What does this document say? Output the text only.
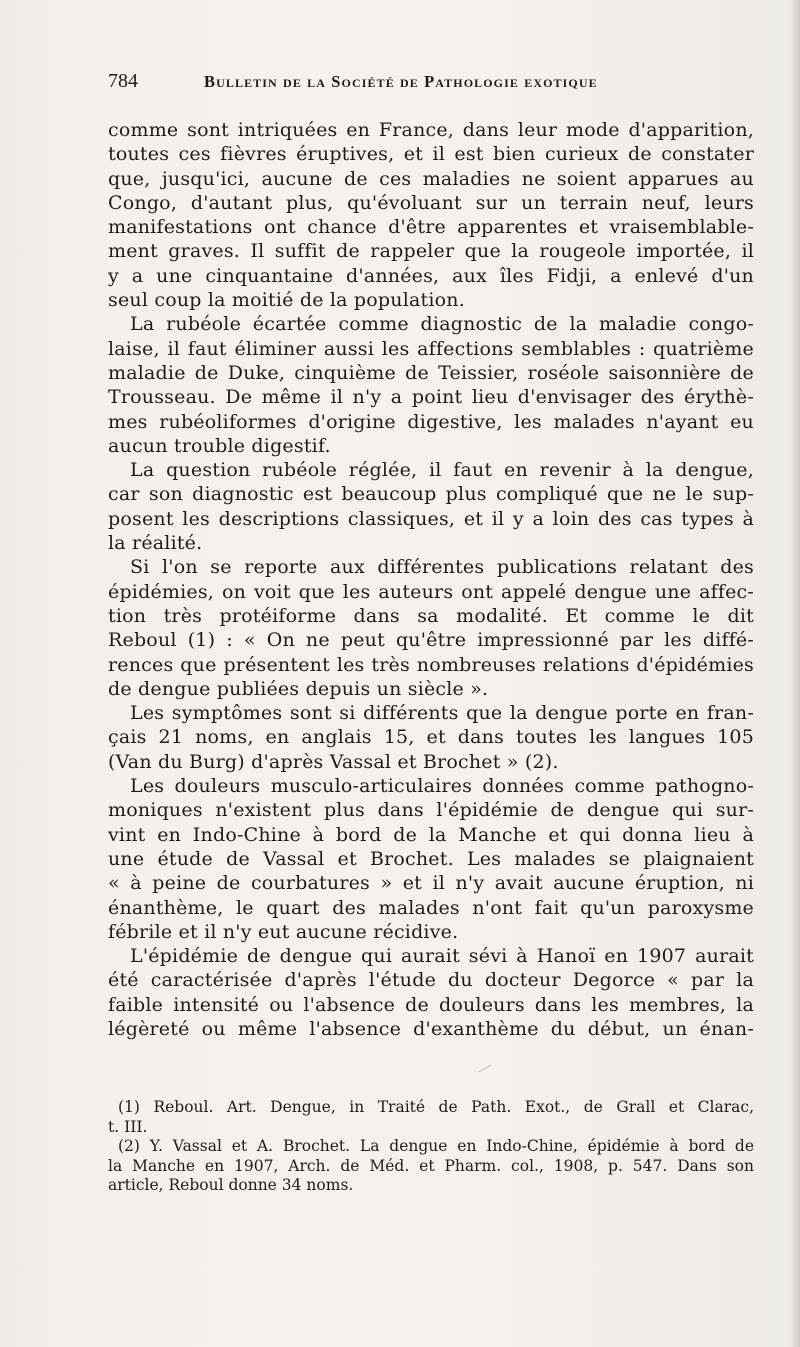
784	Bulletin de la Société de Pathologie exotique
comme sont intriquées en France, dans leur mode d'apparition,
toutes ces fièvres éruptives, et il est bien curieux de constater
que, jusqu'ici, aucune de ces maladies ne soient apparues au
Congo, d'autant plus, qu'évoluant sur un terrain neuf, leurs
manifestations ont chance d'être apparentes et vraisemblable-
ment graves. Il suffit de rappeler que la rougeole importée, il
y a une cinquantaine d'années, aux îles Fidji, a enlevé d'un
seul coup la moitié de la population.
La rubéole écartée comme diagnostic de la maladie congo-
laise, il faut éliminer aussi les affections semblables : quatrième
maladie de Duke, cinquième de Teissier, roséole saisonnière de
Trousseau. De même il n'y a point lieu d'envisager des érythè-
mes rubéoliformes d'origine digestive, les malades n'ayant eu
aucun trouble digestif.
La question rubéole réglée, il faut en revenir à la dengue,
car son diagnostic est beaucoup plus compliqué que ne le sup-
posent les descriptions classiques, et il y a loin des cas types à
la réalité.
Si l'on se reporte aux différentes publications relatant des
épidémies, on voit que les auteurs ont appelé dengue une affec-
tion très protéiforme dans sa modalité. Et comme le dit
Reboul (1) : « On ne peut qu'être impressionné par les diffé-
rences que présentent les très nombreuses relations d'épidémies
de dengue publiées depuis un siècle ».
Les symptômes sont si différents que la dengue porte en fran-
çais 21 noms, en anglais 15, et dans toutes les langues 105
(Van du Burg) d'après Vassal et Brochet » (2).
Les douleurs musculo-articulaires données comme pathogno-
moniques n'existent plus dans l'épidémie de dengue qui sur-
vint en Indo-Chine à bord de la Manche et qui donna lieu à
une étude de Vassal et Brochet. Les malades se plaignaient
« à peine de courbatures » et il n'y avait aucune éruption, ni
énanthème, le quart des malades n'ont fait qu'un paroxysme
fébrile et il n'y eut aucune récidive.
L'épidémie de dengue qui aurait sévi à Hanoï en 1907 aurait
été caractérisée d'après l'étude du docteur Degorce « par la
faible intensité ou l'absence de douleurs dans les membres, la
légèreté ou même l'absence d'exanthème du début, un énan-
(1) Reboul. Art. Dengue, in Traité de Path. Exot., de Grall et Clarac,
t. III.
(2) Y. Vassal et A. Brochet. La dengue en Indo-Chine, épidémie à bord de
la Manche en 1907, Arch. de Méd. et Pharm. col., 1908, p. 547. Dans son
article, Reboul donne 34 noms.
